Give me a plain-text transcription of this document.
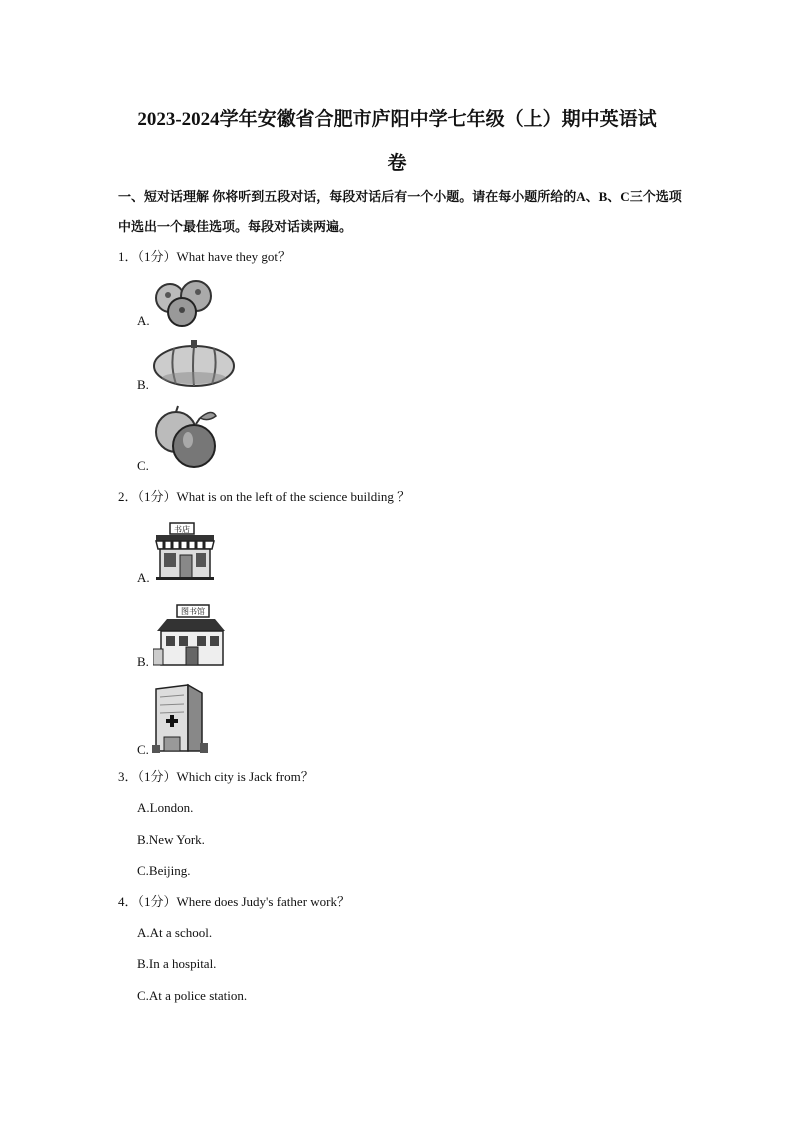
2023-2024学年安徽省合肥市庐阳中学七年级（上）期中英语试
卷
一、短对话理解 你将听到五段对话，每段对话后有一个小题。请在每小题所给的A、B、C三个选项中选出一个最佳选项。每段对话读两遍。
1．（1分）What have they got？
A.
B.
C.
2．（1分）What is on the left of the science building ？
A.
书店
B.
图书馆
C.
3．（1分）Which city is Jack from？
A.London.
B.New York.
C.Beijing.
4．（1分）Where does Judy's father work？
A.At a school.
B.In a hospital.
C.At a police station.
